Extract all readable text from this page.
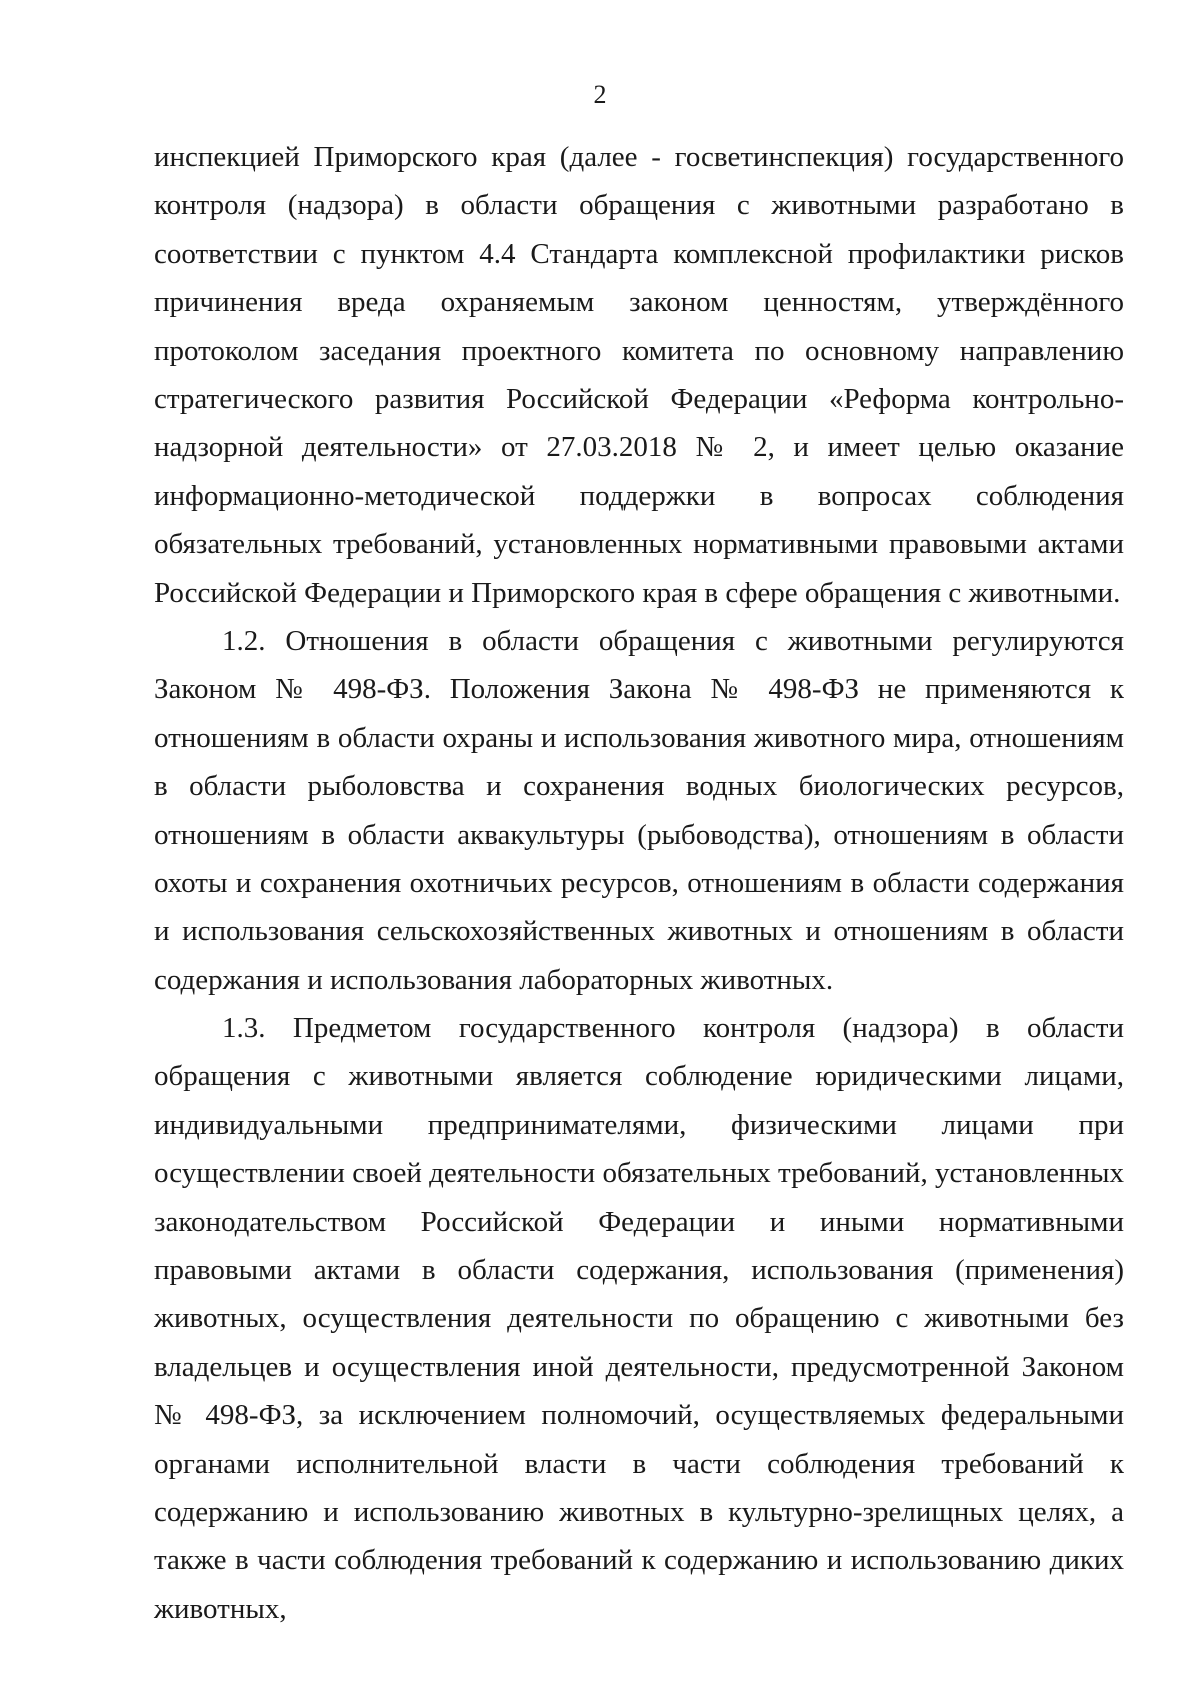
2

инспекцией Приморского края (далее - госветинспекция) государственного контроля (надзора) в области обращения с животными разработано в соответствии с пунктом 4.4 Стандарта комплексной профилактики рисков причинения вреда охраняемым законом ценностям, утверждённого протоколом заседания проектного комитета по основному направлению стратегического развития Российской Федерации «Реформа контрольно-надзорной деятельности» от 27.03.2018 № 2, и имеет целью оказание информационно-методической поддержки в вопросах соблюдения обязательных требований, установленных нормативными правовыми актами Российской Федерации и Приморского края в сфере обращения с животными.

1.2. Отношения в области обращения с животными регулируются Законом № 498-ФЗ. Положения Закона № 498-ФЗ не применяются к отношениям в области охраны и использования животного мира, отношениям в области рыболовства и сохранения водных биологических ресурсов, отношениям в области аквакультуры (рыбоводства), отношениям в области охоты и сохранения охотничьих ресурсов, отношениям в области содержания и использования сельскохозяйственных животных и отношениям в области содержания и использования лабораторных животных.

1.3. Предметом государственного контроля (надзора) в области обращения с животными является соблюдение юридическими лицами, индивидуальными предпринимателями, физическими лицами при осуществлении своей деятельности обязательных требований, установленных законодательством Российской Федерации и иными нормативными правовыми актами в области содержания, использования (применения) животных, осуществления деятельности по обращению с животными без владельцев и осуществления иной деятельности, предусмотренной Законом № 498-ФЗ, за исключением полномочий, осуществляемых федеральными органами исполнительной власти в части соблюдения требований к содержанию и использованию животных в культурно-зрелищных целях, а также в части соблюдения требований к содержанию и использованию диких животных,
